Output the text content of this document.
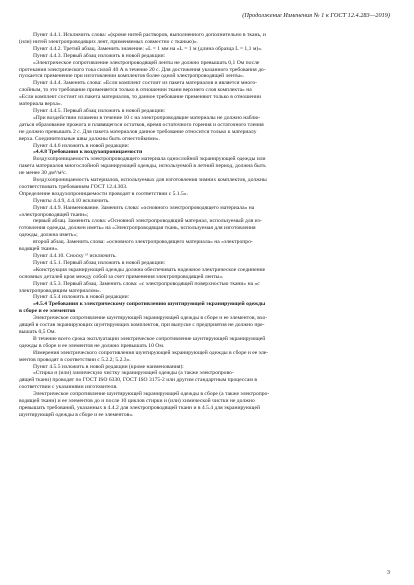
(Продолжение Изменения № 1 к ГОСТ 12.4.283—2019)
Пункт 4.4.1. Исключить слова: «(кроме нитей растворов, выполненного дополнительно в ткань, и
(или) нитей электропроводящих лент, применяемых совместно с тканью)».
Пункт 4.4.2. Третий абзац. Заменить значение: «L = 1 мм на «L = 1 м (длина образца L = 1,1 м)».
Пункт 4.4.3. Первый абзац изложить в новой редакции:
«Электрическое сопротивление электропроводящей ленты не должно превышать 0,1 Ом после
протекания электрического тока силой 40 А в течение 20 с. Для достижения указанного требования до-
пускается применение при изготовлении комплектов более одной электропроводящей ленты».
Пункт 4.4.4. Заменить слова: «Если комплект состоит из пакета материалов и является много-
слойным, то это требование применяется только в отношении ткани верхнего слоя комплекта» на
«Если комплект состоит из пакета материалов, то данное требование применяют только в отношении
материала верха».
Пункт 4.4.5. Первый абзац изложить в новой редакции:
«При воздействии пламени в течение 10 с на электропроводящие материалы не должно наблю-
даться образование прожога и плавящегося остатков, время остаточного горения и остаточного тления
не должно превышать 2 с. Для пакета материалов данное требование относится только к материалу
верха. Соединительные швы должны быть огнестойкими».
Пункт 4.4.6 изложить в новой редакции:
«4.4.8 Требования к воздухопроницаемости
Воздухопроницаемость электропроводящего материала однослойной экранирующей одежды или
пакета материалов многослойной экранирующей одежды, используемой в летний период, должна быть
не менее 30 дм³/м²с.
Воздухопроницаемость материалов, используемых для изготовления зимних комплектов, должны
соответствовать требованиям ГОСТ 12.4.303.
Определение воздухопроницаемости проводят в соответствии с 5.1.5».
Пункты 4.4.9, 4.4.10 исключить.
Пункт 4.4.9. Наименование. Заменить слова: «основного электропроводящего материала» на
«электропроводящей ткани»;
первый абзац. Заменить слова: «Основной электропроводящий материал, используемый для из-
готовления одежды, должен иметь» на «Электропроводящая ткань, используемая для изготовления
одежды, должна иметь»;
второй абзац. Заменить слова: «основного электропроводящего материала» на «электропро-
водящей ткани».
Пункт 4.4.10. Сноску ¹⁾ исключить.
Пункт 4.5.1. Первый абзац изложить в новой редакции:
«Конструкция экранирующей одежды должна обеспечивать надежное электрическое соединение
основных деталей кроя между собой за счет применения электропроводящей ленты».
Пункт 4.5.3. Первый абзац. Заменить слова: «с электропроводящей поверхностью ткани» на «с
электропроводящим материалом».
Пункт 4.5.4 изложить в новой редакции:
«4.5.4 Требования к электрическому сопротивлению шунтирующей экранирующей одежды
в сборе и ее элементов
Электрическое сопротивление шунтирующей экранирующей одежды в сборе и ее элементов, вхо-
дящей в состав экранирующих шунтирующих комплектов, при выпуске с предприятия не должно пре-
вышать 0,5 Ом.
В течение всего срока эксплуатации электрическое сопротивление шунтирующей экранирующей
одежды в сборе и ее элементов не должно превышать 10 Ом.
Измерения электрического сопротивления шунтирующей экранирующей одежды в сборе и ее эле-
ментов проводят в соответствии с 5.2.2; 5.2.3».
Пункт 4.5.5 изложить в новой редакции (кроме наименования):
«Стирка и (или) химическую чистку экранирующей одежды (а также электропрово-
дящей ткани) проводят по ГОСТ ISO 6330, ГОСТ ISO 3175-2 или другим стандартным процессам в
соответствии с указаниями изготовителя.
Электрическое сопротивление шунтирующей экранирующей одежды в сборе (а также электропро-
водящей ткани) и ее элементов до и после 10 циклов стирки и (или) химической чистки не должно
превышать требований, указанных в 4.4.2 для электропроводящей ткани и в 4.5.4 для экранирующей
шунтирующей одежды в сборе и ее элементов».
3
